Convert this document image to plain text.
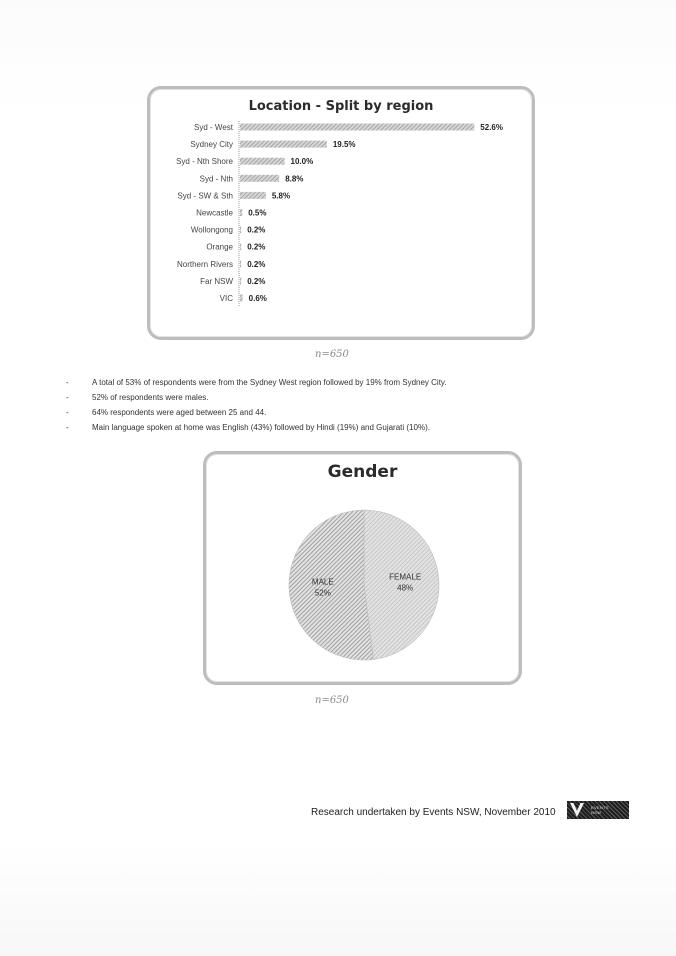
Location - Split by region
Syd - West	52.6%
Sydney City	19.5%
Syd - Nth Shore	10.0%
Syd - Nth	8.8%
Syd - SW & Sth	5.8%
Newcastle 0.5%
Wollongong 0.2%
Orange 0.2%
Northern Rivers 0.2%
Far NSW 0.2%
VIC 0.6%
n=650
-	A total of 53% of respondents were from the Sydney West region followed by 19% from Sydney City.
-	52% of respondents were males.
-	64% respondents were aged between 25 and 44.
-	Main language spoken at home was English (43%) followed by Hindi (19%) and Gujarati (10%).
Gender
FEMALE
48%
MALE
52%
n=650
Research undertaken by Events NSW, November 2010	EVENTS
NSW
